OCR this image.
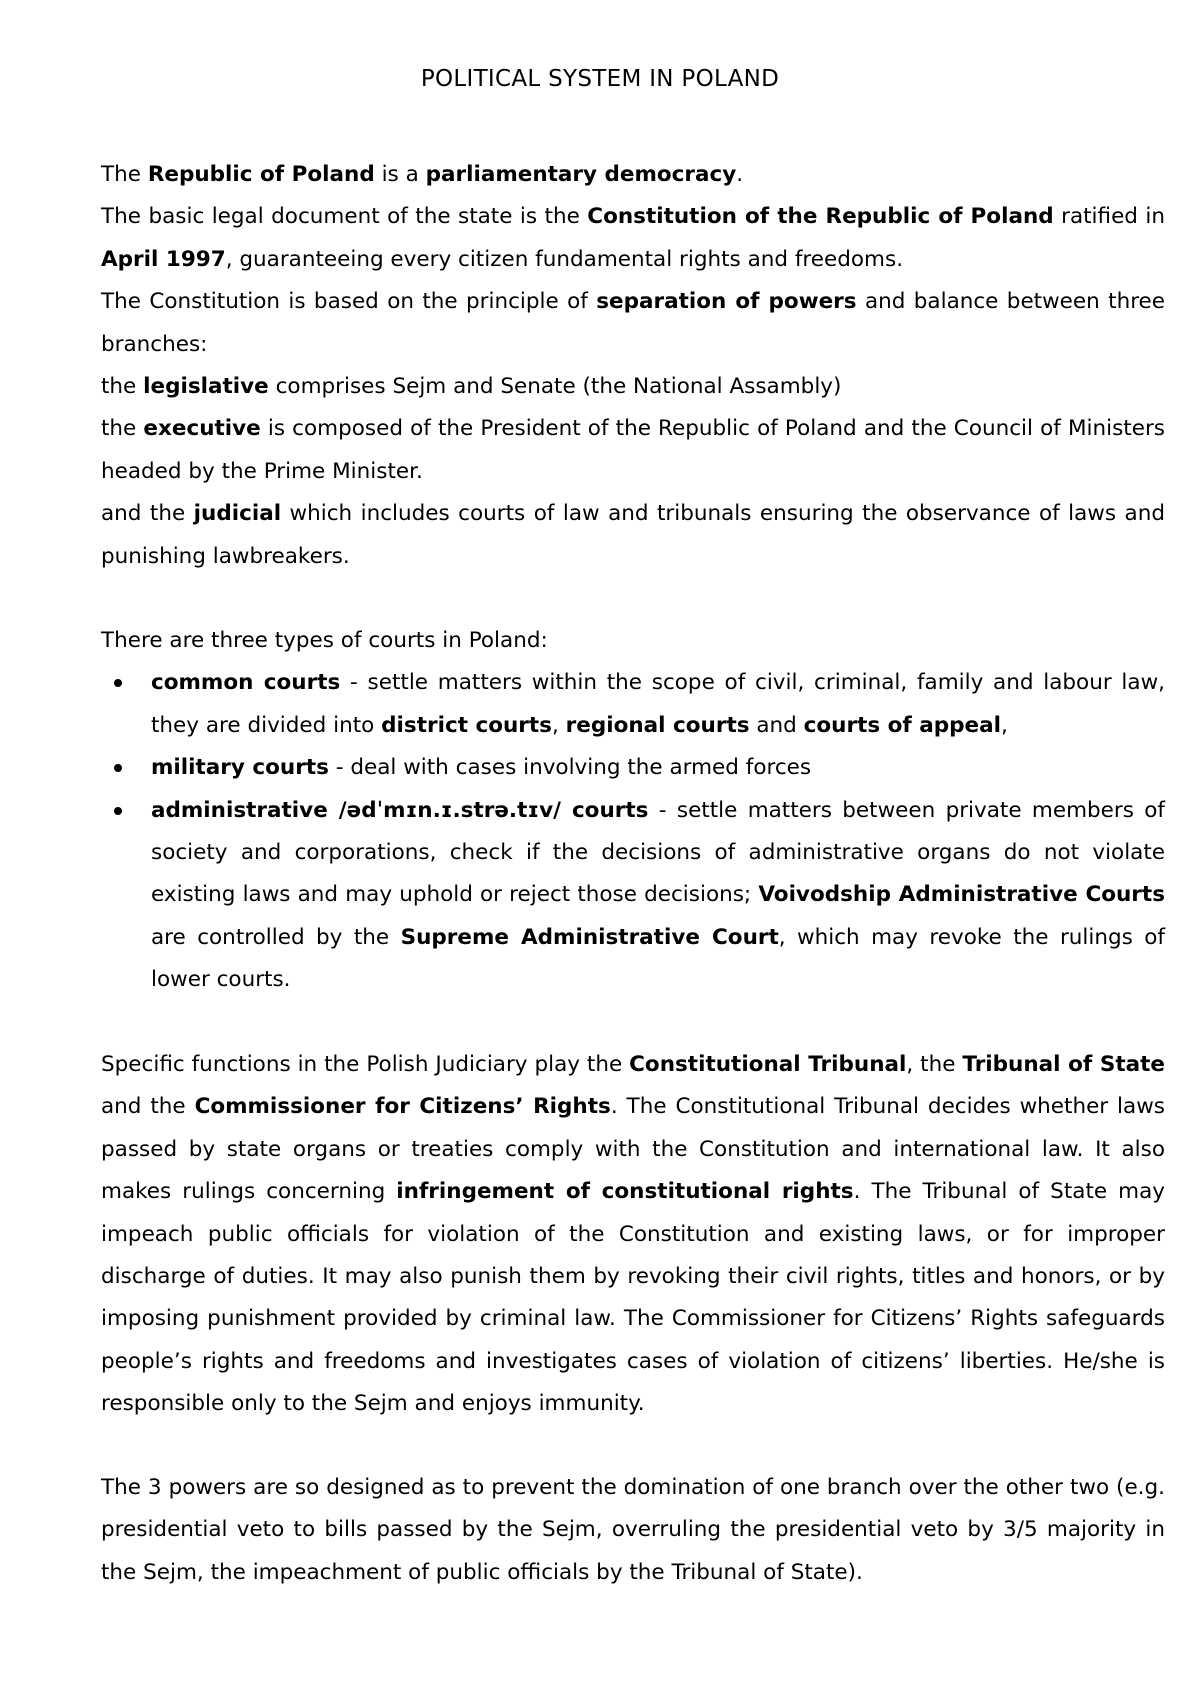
POLITICAL SYSTEM IN POLAND

The Republic of Poland is a parliamentary democracy.

The basic legal document of the state is the Constitution of the Republic of Poland ratified in April 1997, guaranteeing every citizen fundamental rights and freedoms.

The Constitution is based on the principle of separation of powers and balance between three branches:

the legislative comprises Sejm and Senate (the National Assambly)

the executive is composed of the President of the Republic of Poland and the Council of Ministers headed by the Prime Minister.

and the judicial which includes courts of law and tribunals ensuring the observance of laws and punishing lawbreakers.

There are three types of courts in Poland:

common courts - settle matters within the scope of civil, criminal, family and labour law, they are divided into district courts, regional courts and courts of appeal,
military courts - deal with cases involving the armed forces
administrative /ədˈmɪn.ɪ.strə.tɪv/ courts - settle matters between private members of society and corporations, check if the decisions of administrative organs do not violate existing laws and may uphold or reject those decisions; Voivodship Administrative Courts are controlled by the Supreme Administrative Court, which may revoke the rulings of lower courts.

Specific functions in the Polish Judiciary play the Constitutional Tribunal, the Tribunal of State and the Commissioner for Citizens’ Rights. The Constitutional Tribunal decides whether laws passed by state organs or treaties comply with the Constitution and international law. It also makes rulings concerning infringement of constitutional rights. The Tribunal of State may impeach public officials for violation of the Constitution and existing laws, or for improper discharge of duties. It may also punish them by revoking their civil rights, titles and honors, or by imposing punishment provided by criminal law. The Commissioner for Citizens’ Rights safeguards people’s rights and freedoms and investigates cases of violation of citizens’ liberties. He/she is responsible only to the Sejm and enjoys immunity.

The 3 powers are so designed as to prevent the domination of one branch over the other two (e.g. presidential veto to bills passed by the Sejm, overruling the presidential veto by 3/5 majority in the Sejm, the impeachment of public officials by the Tribunal of State).
